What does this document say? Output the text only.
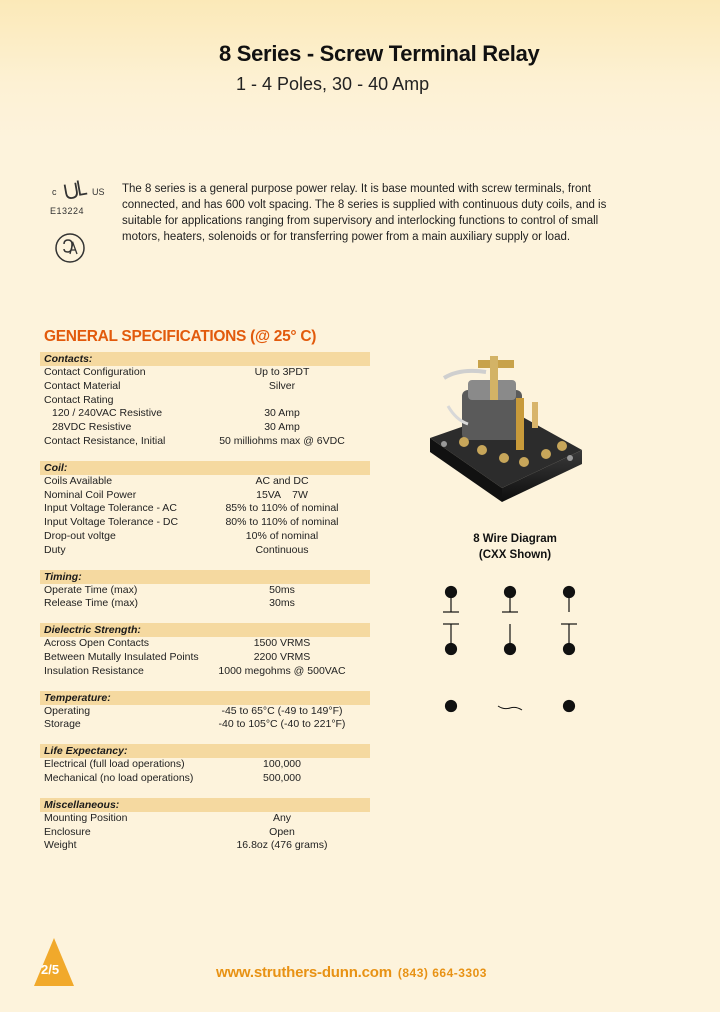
8 Series - Screw Terminal Relay
1 - 4 Poles, 30 - 40 Amp
c	US
E13224
The 8 series is a general purpose power relay. It is base mounted with screw terminals, front connected, and has 600 volt spacing. The 8 series is supplied with continuous duty coils, and is suitable for applications ranging from supervisory and interlocking functions to control of small motors, heaters, solenoids or for transferring power from a main auxiliary supply or load.
GENERAL SPECIFICATIONS (@ 25° C)
Contacts:
Contact Configuration	Up to 3PDT
Contact Material	Silver
Contact Rating
120 / 240VAC Resistive	30 Amp
28VDC Resistive	30 Amp
Contact Resistance, Initial	50 milliohms max @ 6VDC
Coil:
Coils Available	AC and DC
Nominal Coil Power	15VA    7W
Input Voltage Tolerance - AC	85% to 110% of nominal
Input Voltage Tolerance - DC	80% to 110% of nominal
Drop-out voltge	10% of nominal
Duty	Continuous
Timing:
Operate Time (max)	50ms
Release Time (max)	30ms
Dielectric Strength:
Across Open Contacts	1500 VRMS
Between Mutally Insulated Points	2200 VRMS
Insulation Resistance	1000 megohms @ 500VAC
Temperature:
Operating	-45 to 65°C (-49 to 149°F)
Storage	-40 to 105°C (-40 to 221°F)
Life Expectancy:
Electrical (full load operations)	100,000
Mechanical (no load operations)	500,000
Miscellaneous:
Mounting Position	Any
Enclosure	Open
Weight	16.8oz (476 grams)
8 Wire Diagram
(CXX Shown)
2/5	www.struthers-dunn.com (843) 664-3303
